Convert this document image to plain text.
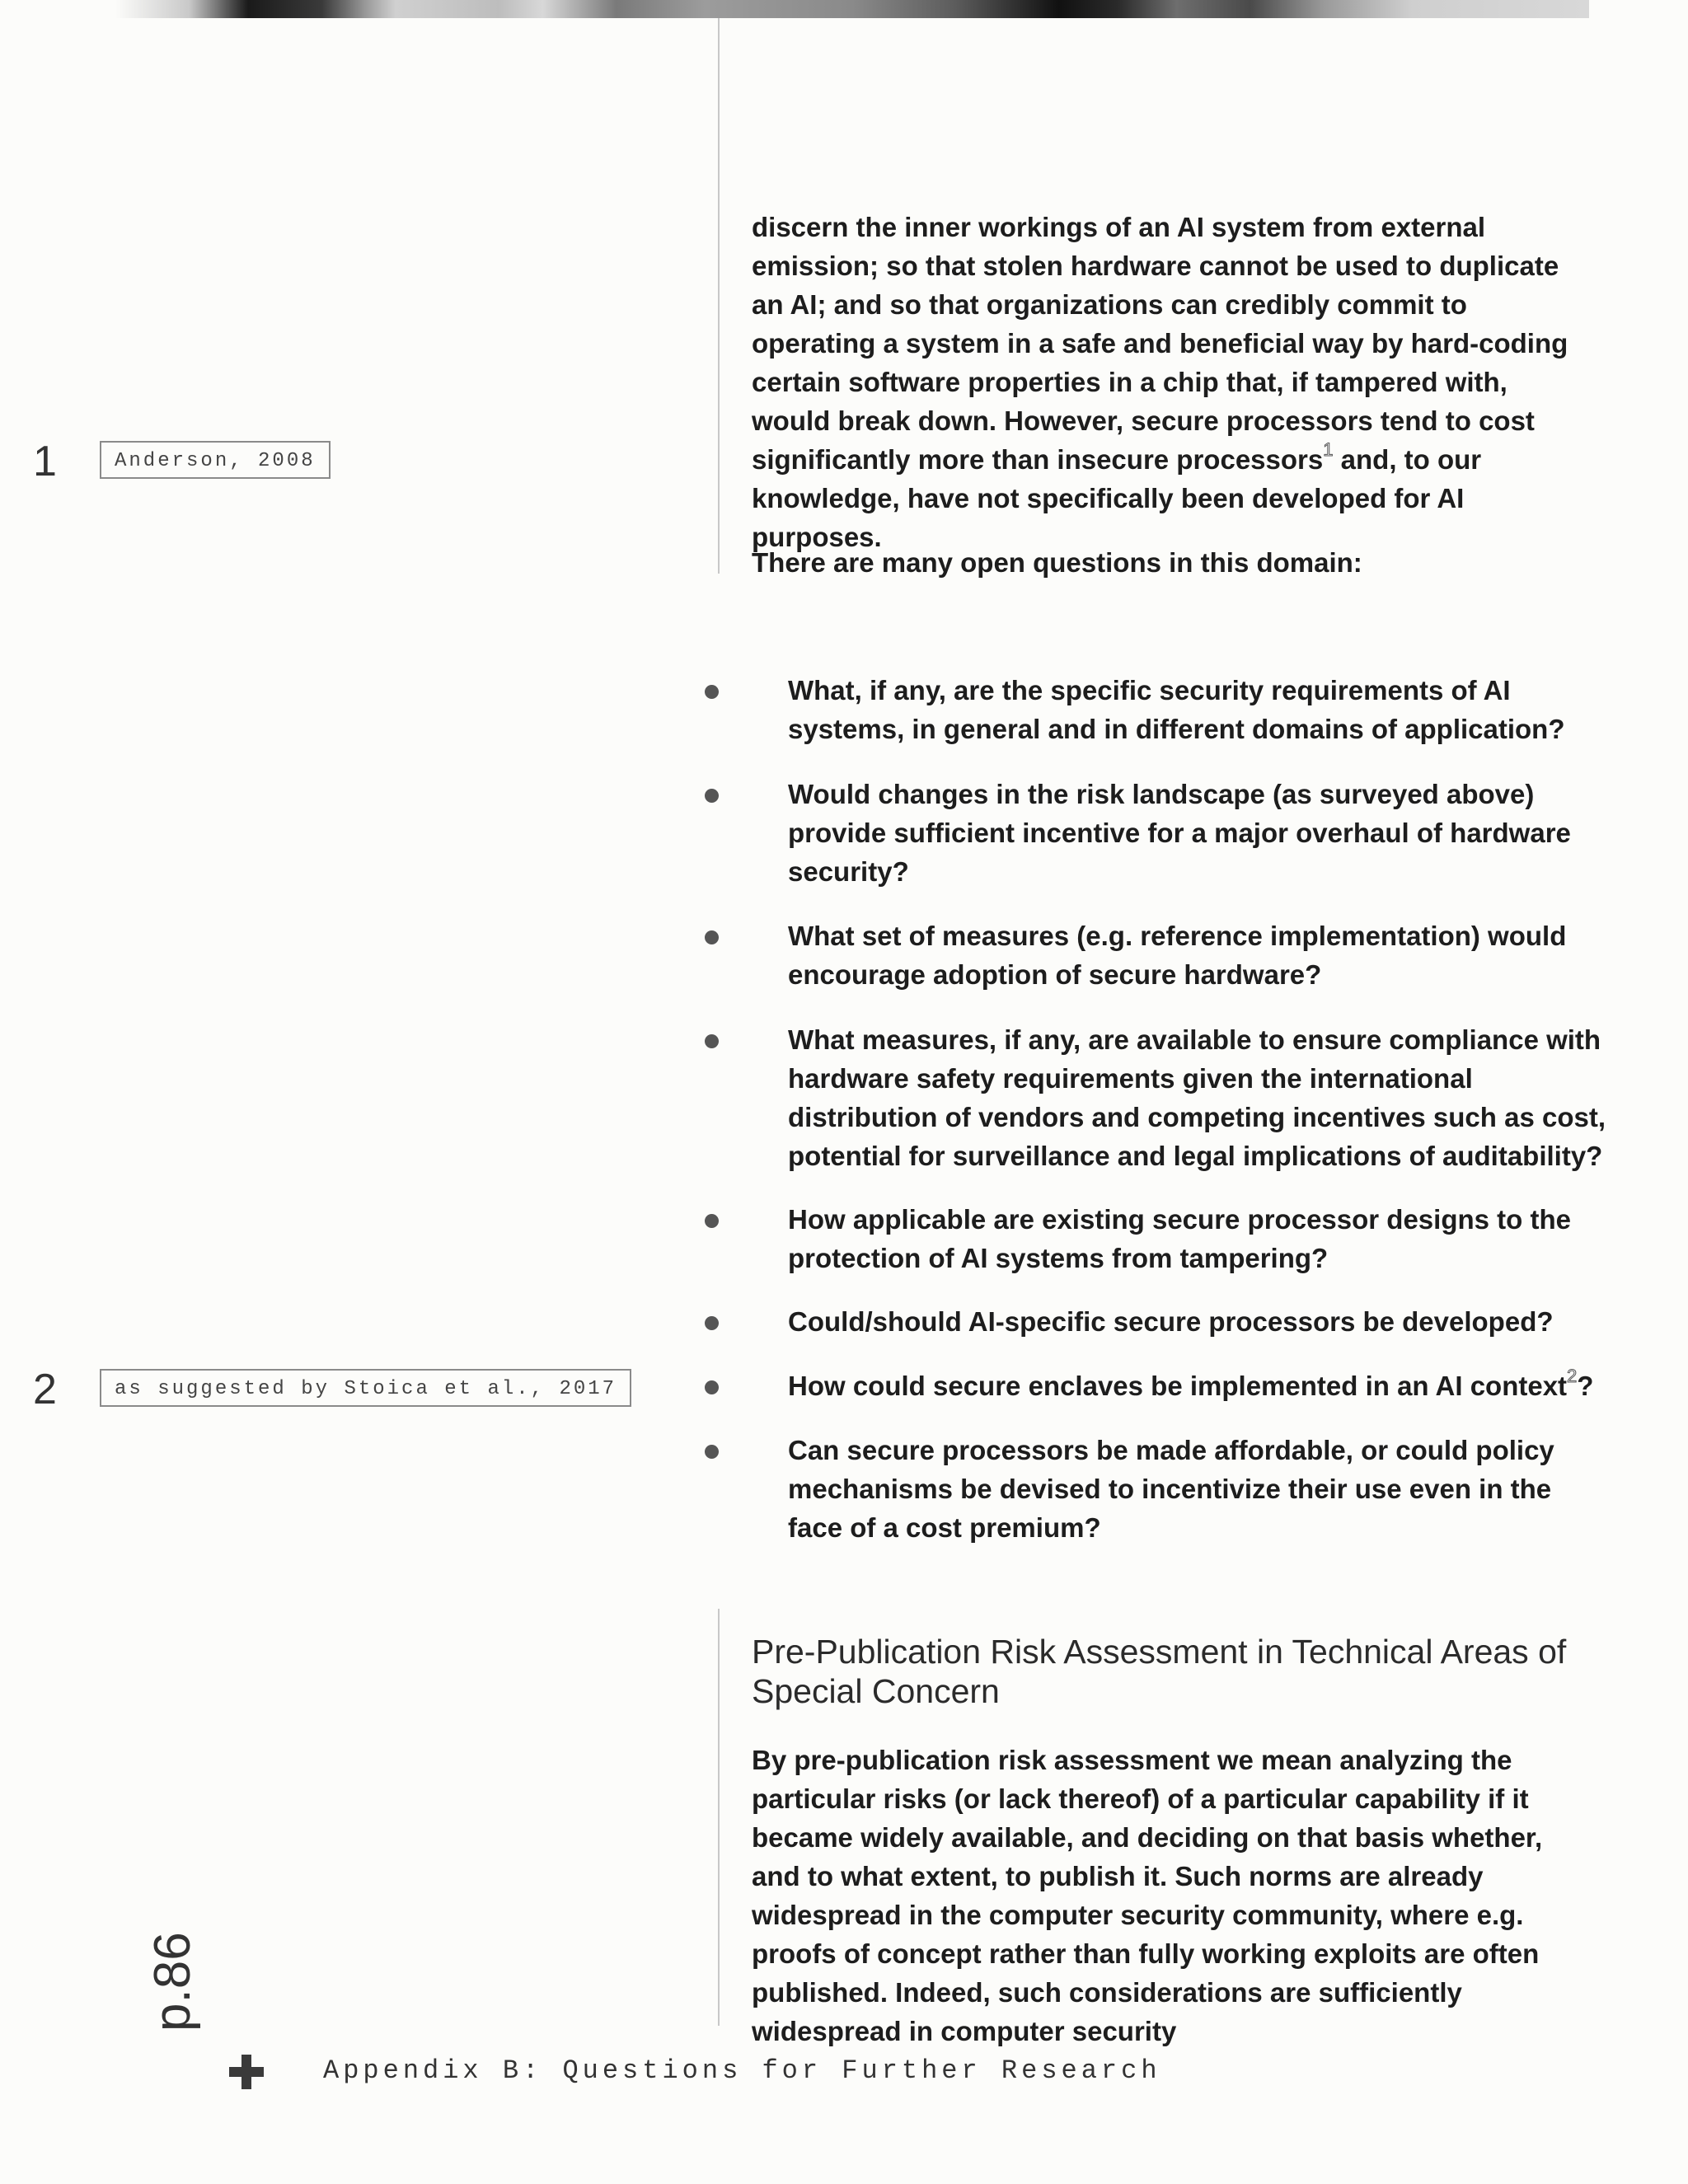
discern the inner workings of an AI system from external emission; so that stolen hardware cannot be used to duplicate an AI; and so that organizations can credibly commit to operating a system in a safe and beneficial way by hard-coding certain software properties in a chip that, if tampered with, would break down. However, secure processors tend to cost significantly more than insecure processors$^1$ and, to our knowledge, have not specifically been developed for AI purposes.
There are many open questions in this domain:
What, if any, are the specific security requirements of AI systems, in general and in different domains of application?
Would changes in the risk landscape (as surveyed above) provide sufficient incentive for a major overhaul of hardware security?
What set of measures (e.g. reference implementation) would encourage adoption of secure hardware?
What measures, if any, are available to ensure compliance with hardware safety requirements given the international distribution of vendors and competing incentives such as cost, potential for surveillance and legal implications of auditability?
How applicable are existing secure processor designs to the protection of AI systems from tampering?
Could/should AI-specific secure processors be developed?
How could secure enclaves be implemented in an AI context$^2$?
Can secure processors be made affordable, or could policy mechanisms be devised to incentivize their use even in the face of a cost premium?
Pre-Publication Risk Assessment in Technical Areas of Special Concern
By pre-publication risk assessment we mean analyzing the particular risks (or lack thereof) of a particular capability if it became widely available, and deciding on that basis whether, and to what extent, to publish it. Such norms are already widespread in the computer security community, where e.g. proofs of concept rather than fully working exploits are often published. Indeed, such considerations are sufficiently widespread in computer security
1	Anderson, 2008
2	as suggested by Stoica et al., 2017
p.86
Appendix B: Questions for Further Research
